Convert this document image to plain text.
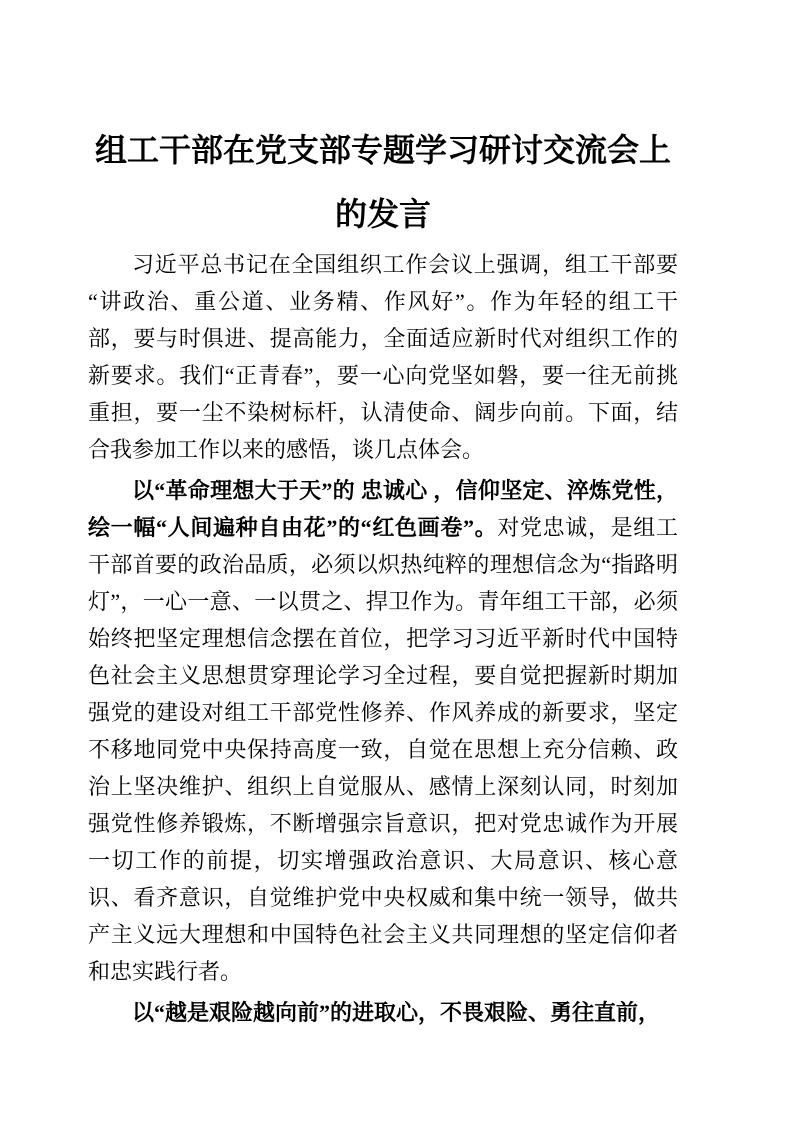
组工干部在党支部专题学习研讨交流会上
的发言

习近平总书记在全国组织工作会议上强调，组工干部要“讲政治、重公道、业务精、作风好”。作为年轻的组工干部，要与时俱进、提高能力，全面适应新时代对组织工作的新要求。我们“正青春”，要一心向党坚如磐，要一往无前挑重担，要一尘不染树标杆，认清使命、阔步向前。下面，结合我参加工作以来的感悟，谈几点体会。

以“革命理想大于天”的 忠诚心 ，信仰坚定、淬炼党性，绘一幅“人间遍种自由花”的“红色画卷”。对党忠诚，是组工干部首要的政治品质，必须以炽热纯粹的理想信念为“指路明灯”，一心一意、一以贯之、捍卫作为。青年组工干部，必须始终把坚定理想信念摆在首位，把学习习近平新时代中国特色社会主义思想贯穿理论学习全过程，要自觉把握新时期加强党的建设对组工干部党性修养、作风养成的新要求，坚定不移地同党中央保持高度一致，自觉在思想上充分信赖、政治上坚决维护、组织上自觉服从、感情上深刻认同，时刻加强党性修养锻炼，不断增强宗旨意识，把对党忠诚作为开展一切工作的前提，切实增强政治意识、大局意识、核心意识、看齐意识，自觉维护党中央权威和集中统一领导，做共产主义远大理想和中国特色社会主义共同理想的坚定信仰者和忠实践行者。

以“越是艰险越向前”的进取心，不畏艰险、勇往直前，
